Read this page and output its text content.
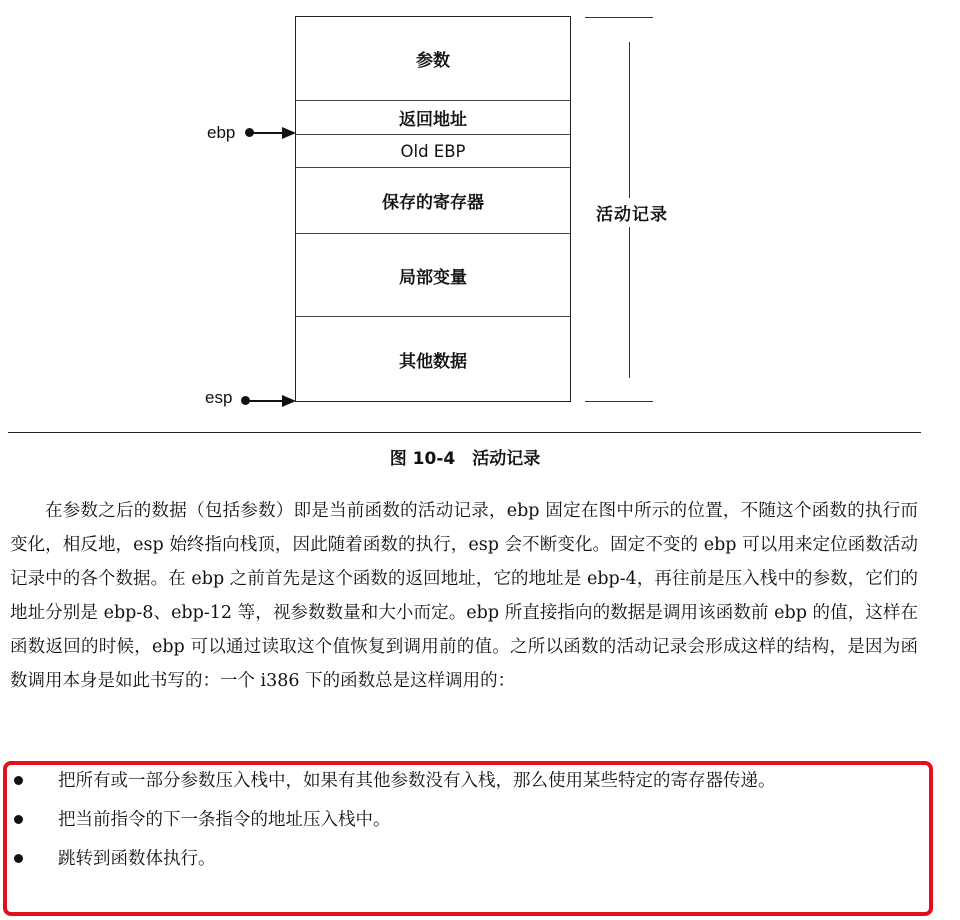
参数
返回地址
Old EBP
保存的寄存器
局部变量
其他数据
ebp
esp
活动记录
图 10-4　活动记录

在参数之后的数据（包括参数）即是当前函数的活动记录，ebp 固定在图中所示的位置，不随这个函数的执行而变化，相反地，esp 始终指向栈顶，因此随着函数的执行，esp 会不断变化。固定不变的 ebp 可以用来定位函数活动记录中的各个数据。在 ebp 之前首先是这个函数的返回地址，它的地址是 ebp-4，再往前是压入栈中的参数，它们的地址分别是 ebp-8、ebp-12 等，视参数数量和大小而定。ebp 所直接指向的数据是调用该函数前 ebp 的值，这样在函数返回的时候，ebp 可以通过读取这个值恢复到调用前的值。之所以函数的活动记录会形成这样的结构，是因为函数调用本身是如此书写的：一个 i386 下的函数总是这样调用的：

把所有或一部分参数压入栈中，如果有其他参数没有入栈，那么使用某些特定的寄存器传递。
把当前指令的下一条指令的地址压入栈中。
跳转到函数体执行。
